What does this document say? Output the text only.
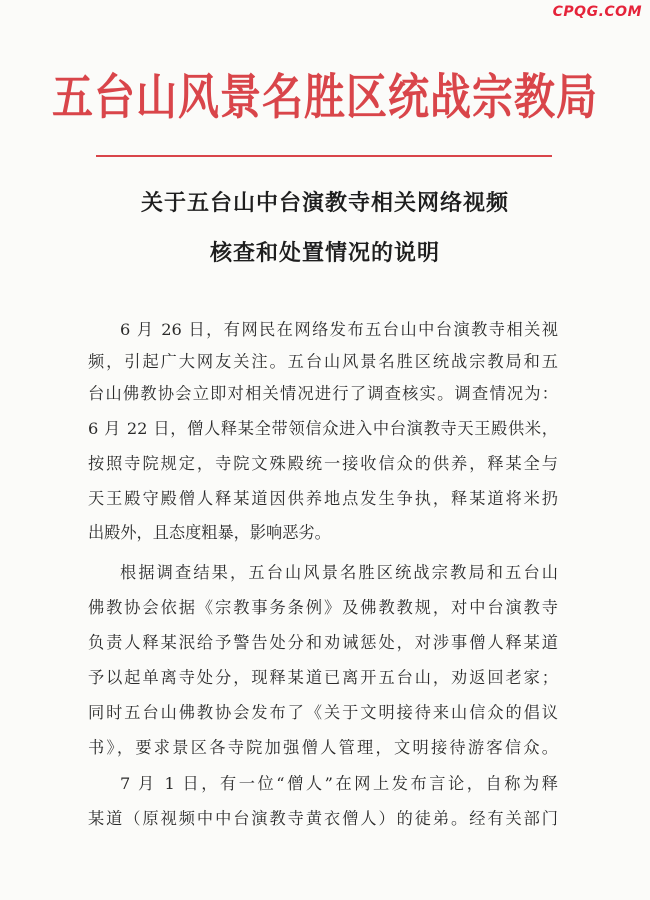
CPQG.COM
五台山风景名胜区统战宗教局
关于五台山中台演教寺相关网络视频
核查和处置情况的说明
6 月 26 日，有网民在网络发布五台山中台演教寺相关视
频，引起广大网友关注。五台山风景名胜区统战宗教局和五
台山佛教协会立即对相关情况进行了调查核实。调查情况为：
6 月 22 日，僧人释某全带领信众进入中台演教寺天王殿供米，
按照寺院规定，寺院文殊殿统一接收信众的供养，释某全与
天王殿守殿僧人释某道因供养地点发生争执，释某道将米扔
出殿外，且态度粗暴，影响恶劣。
根据调查结果，五台山风景名胜区统战宗教局和五台山
佛教协会依据《宗教事务条例》及佛教教规，对中台演教寺
负责人释某泯给予警告处分和劝诫惩处，对涉事僧人释某道
予以起单离寺处分，现释某道已离开五台山，劝返回老家；
同时五台山佛教协会发布了《关于文明接待来山信众的倡议
书》，要求景区各寺院加强僧人管理，文明接待游客信众。
7 月 1 日，有一位“僧人”在网上发布言论，自称为释
某道（原视频中中台演教寺黄衣僧人）的徒弟。经有关部门
